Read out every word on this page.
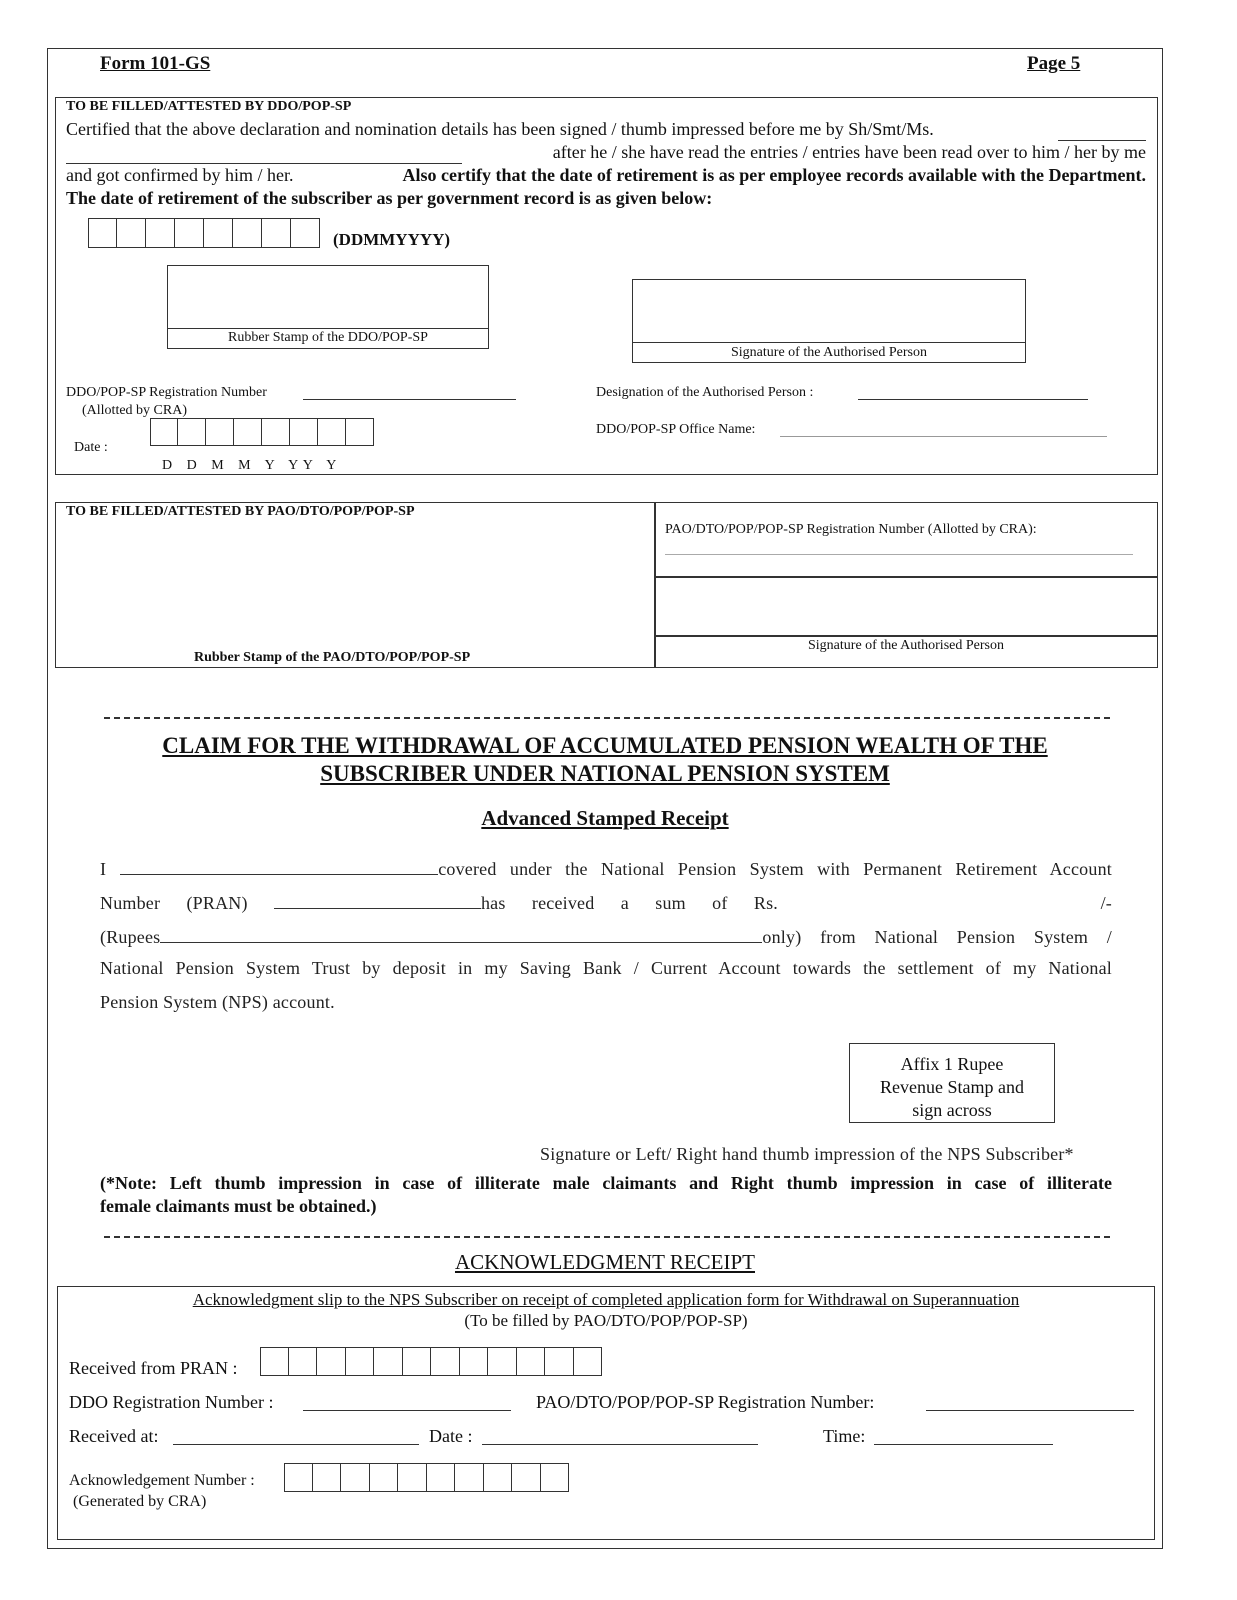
Form 101-GS	Page 5
TO BE FILLED/ATTESTED BY DDO/POP-SP
Certified that the above declaration and nomination details has been signed / thumb impressed before me by Sh/Smt/Ms.
after he / she have read the entries / entries have been read over to him / her by me
and got confirmed by him / her.	Also certify that the date of retirement is as per employee records available with the Department.
The date of retirement of the subscriber as per government record is as given below:
(DDMMYYYY)
Rubber Stamp of the DDO/POP-SP
Signature of the Authorised Person
DDO/POP-SP Registration Number
(Allotted by CRA)
Date :
D   D   M   M   Y   Y Y   Y
Designation of the Authorised Person :
DDO/POP-SP Office Name:
TO BE FILLED/ATTESTED BY PAO/DTO/POP/POP-SP
PAO/DTO/POP/POP-SP Registration Number (Allotted by CRA):
Rubber Stamp of the PAO/DTO/POP/POP-SP
Signature of the Authorised Person
CLAIM FOR THE WITHDRAWAL OF ACCUMULATED PENSION WEALTH OF THE
SUBSCRIBER UNDER NATIONAL PENSION SYSTEM
Advanced Stamped Receipt
I	covered under the National Pension System with Permanent Retirement Account
Number (PRAN)	has received a sum of Rs.	/-
(Rupees	only) from National Pension System /
National Pension System Trust by deposit in my Saving Bank / Current Account towards the settlement of my National
Pension System (NPS) account.
Affix 1 Rupee
Revenue Stamp and
sign across
Signature or Left/ Right hand thumb impression of the NPS Subscriber*
(*Note: Left thumb impression in case of illiterate male claimants and Right thumb impression in case of illiterate
female claimants must be obtained.)
ACKNOWLEDGMENT RECEIPT
Acknowledgment slip to the NPS Subscriber on receipt of completed application form for Withdrawal on Superannuation
(To be filled by PAO/DTO/POP/POP-SP)
Received from PRAN :
DDO Registration Number :	PAO/DTO/POP/POP-SP Registration Number:
Received at:	Date :	Time:
Acknowledgement Number :
(Generated by CRA)
